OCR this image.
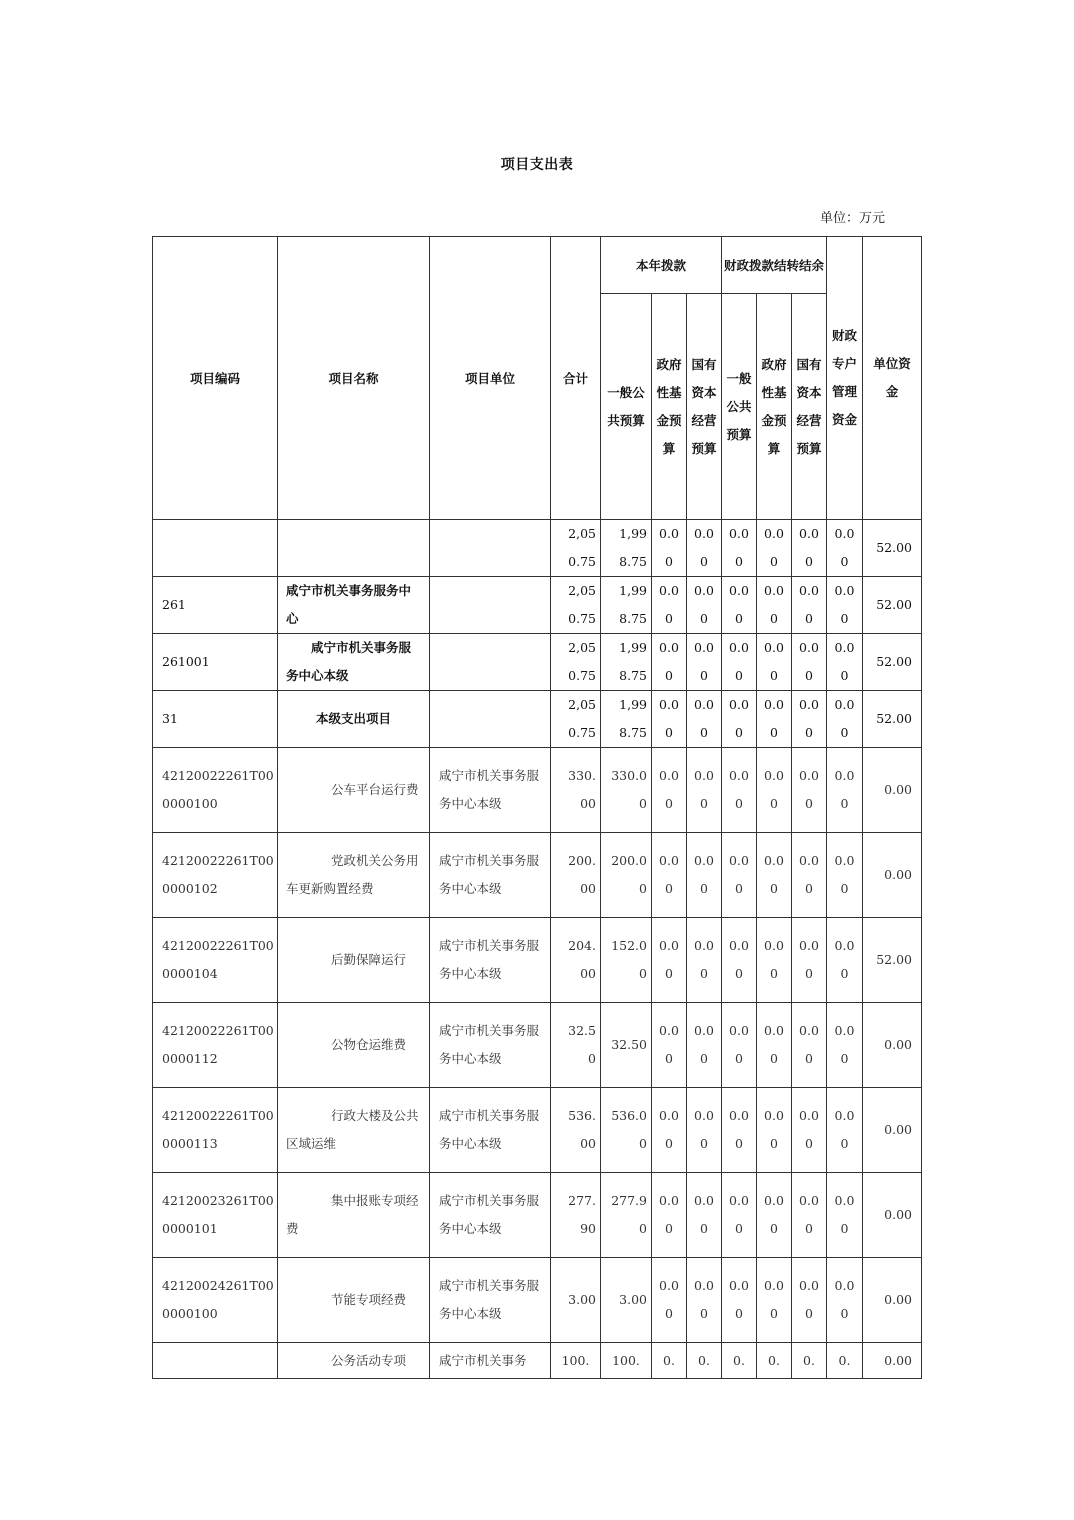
项目支出表
单位：万元
项目编码	项目名称	项目单位	合计	本年拨款			财政拨款结转结余			财政专户管理资金	单位资金
				一般公共预算	政府性基金预算	国有资本经营预算	一般公共预算	政府性基金预算	国有资本经营预算		
			2,050.75	1,998.75	0.00	0.00	0.00	0.00	0.00	0.00	52.00
261	咸宁市机关事务服务中心		2,050.75	1,998.75	0.00	0.00	0.00	0.00	0.00	0.00	52.00
261001	咸宁市机关事务服务中心本级		2,050.75	1,998.75	0.00	0.00	0.00	0.00	0.00	0.00	52.00
31	本级支出项目		2,050.75	1,998.75	0.00	0.00	0.00	0.00	0.00	0.00	52.00
42120022261T000000100	公车平台运行费	咸宁市机关事务服务中心本级	330.00	330.00	0.00	0.00	0.00	0.00	0.00	0.00	0.00
42120022261T000000102	党政机关公务用车更新购置经费	咸宁市机关事务服务中心本级	200.00	200.00	0.00	0.00	0.00	0.00	0.00	0.00	0.00
42120022261T000000104	后勤保障运行	咸宁市机关事务服务中心本级	204.00	152.00	0.00	0.00	0.00	0.00	0.00	0.00	52.00
42120022261T000000112	公物仓运维费	咸宁市机关事务服务中心本级	32.50	32.50	0.00	0.00	0.00	0.00	0.00	0.00	0.00
42120022261T000000113	行政大楼及公共区域运维	咸宁市机关事务服务中心本级	536.00	536.00	0.00	0.00	0.00	0.00	0.00	0.00	0.00
42120023261T000000101	集中报账专项经费	咸宁市机关事务服务中心本级	277.90	277.90	0.00	0.00	0.00	0.00	0.00	0.00	0.00
42120024261T000000100	节能专项经费	咸宁市机关事务服务中心本级	3.00	3.00	0.00	0.00	0.00	0.00	0.00	0.00	0.00
	公务活动专项	咸宁市机关事务	100.	100.	0.	0.	0.	0.	0.	0.	0.00
